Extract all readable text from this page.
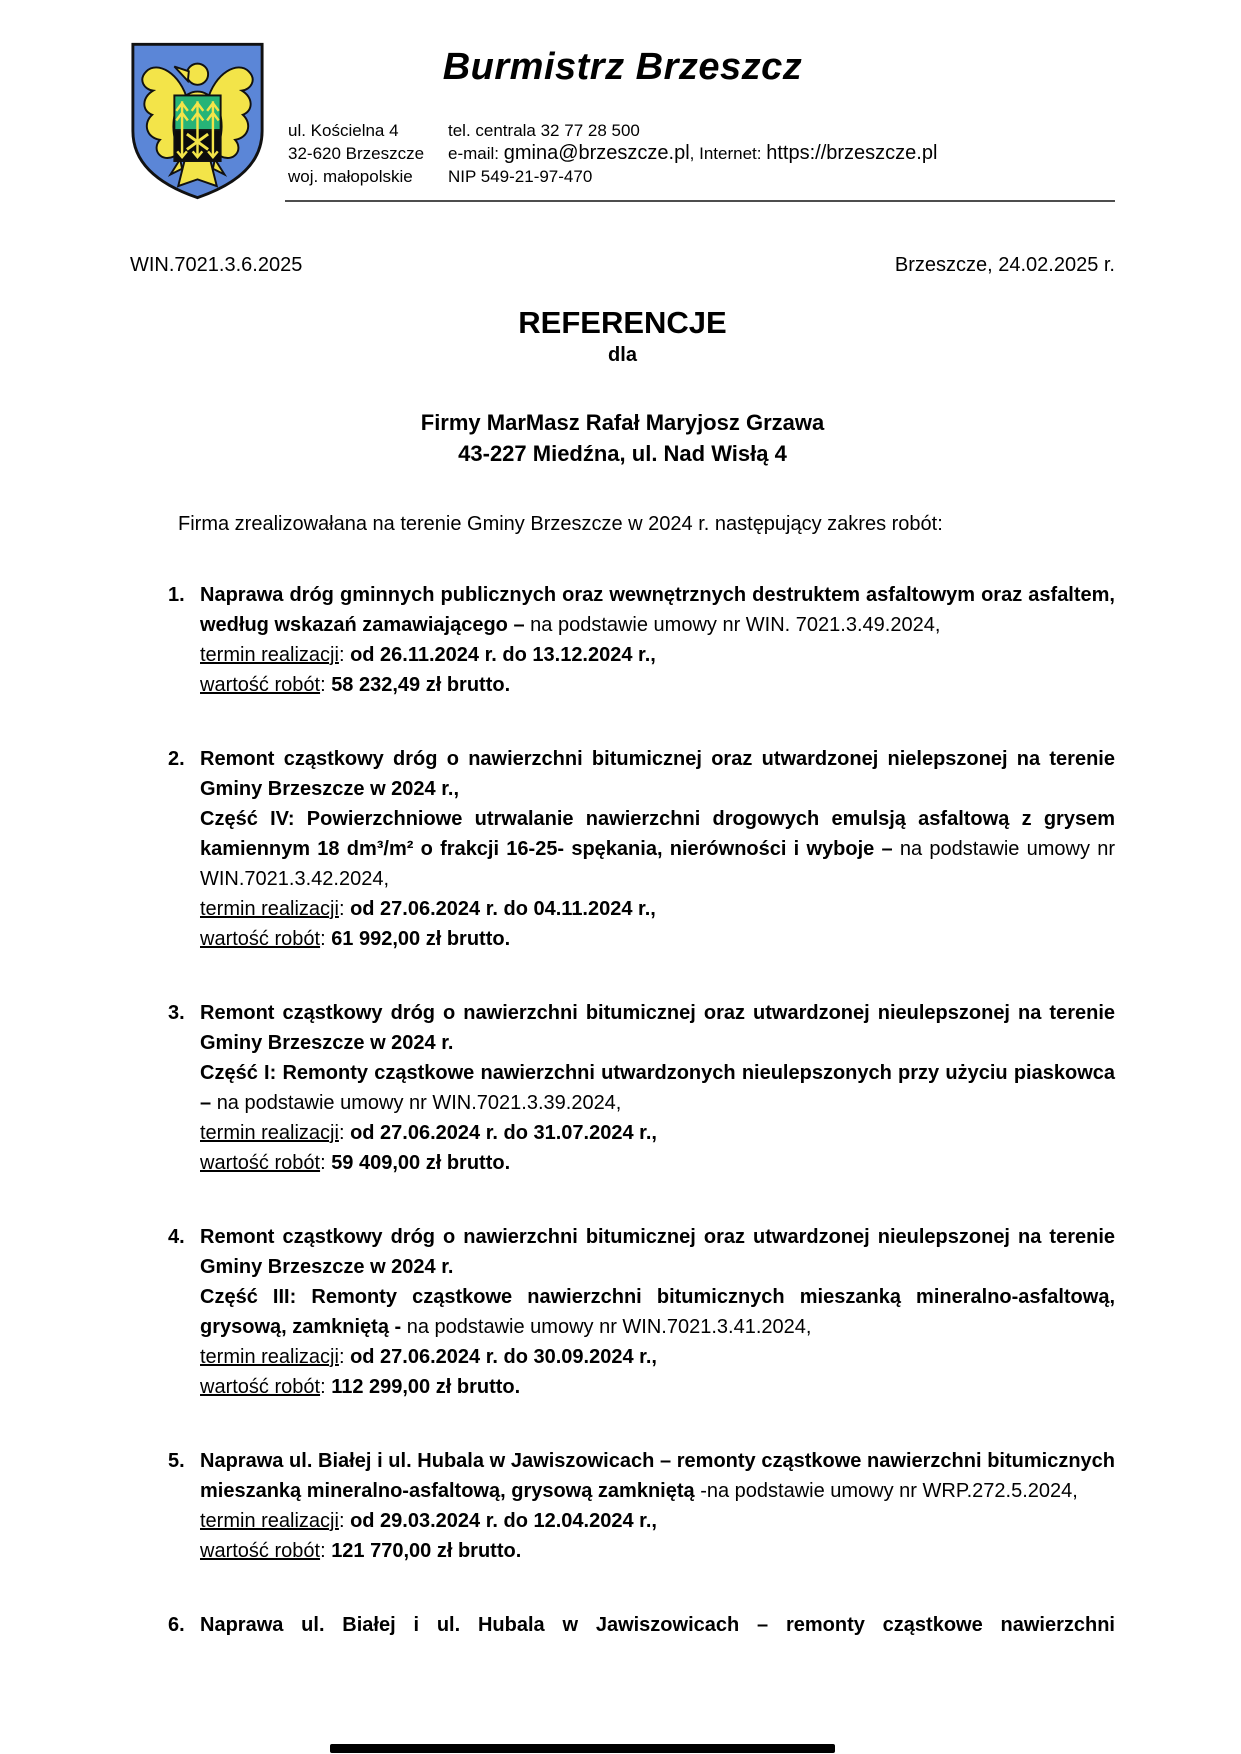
Burmistrz Brzeszcz
ul. Kościelna 4	tel. centrala 32 77 28 500
32-620 Brzeszcze	e-mail: gmina@brzeszcze.pl, Internet: https://brzeszcze.pl
woj. małopolskie	NIP 549-21-97-470
WIN.7021.3.6.2025	Brzeszcze, 24.02.2025 r.
REFERENCJE
dla
Firmy MarMasz Rafał Maryjosz Grzawa
43-227 Miedźna, ul. Nad Wisłą 4
Firma zrealizowałana na terenie Gminy Brzeszcze w 2024 r. następujący zakres robót:
1. Naprawa dróg gminnych publicznych oraz wewnętrznych destruktem asfaltowym oraz asfaltem, według wskazań zamawiającego – na podstawie umowy nr WIN. 7021.3.49.2024,
termin realizacji: od 26.11.2024 r. do 13.12.2024 r.,
wartość robót: 58 232,49 zł brutto.
2. Remont cząstkowy dróg o nawierzchni bitumicznej oraz utwardzonej nielepszonej na terenie Gminy Brzeszcze w 2024 r.,
Część IV: Powierzchniowe utrwalanie nawierzchni drogowych emulsją asfaltową z grysem kamiennym 18 dm³/m² o frakcji 16-25- spękania, nierówności i wyboje – na podstawie umowy nr WIN.7021.3.42.2024,
termin realizacji: od 27.06.2024 r. do 04.11.2024 r.,
wartość robót: 61 992,00 zł brutto.
3. Remont cząstkowy dróg o nawierzchni bitumicznej oraz utwardzonej nieulepszonej na terenie Gminy Brzeszcze w 2024 r.
Część I: Remonty cząstkowe nawierzchni utwardzonych nieulepszonych przy użyciu piaskowca – na podstawie umowy nr WIN.7021.3.39.2024,
termin realizacji: od 27.06.2024 r. do 31.07.2024 r.,
wartość robót: 59 409,00 zł brutto.
4. Remont cząstkowy dróg o nawierzchni bitumicznej oraz utwardzonej nieulepszonej na terenie Gminy Brzeszcze w 2024 r.
Część III: Remonty cząstkowe nawierzchni bitumicznych mieszanką mineralno-asfaltową, grysową, zamkniętą - na podstawie umowy nr WIN.7021.3.41.2024,
termin realizacji: od 27.06.2024 r. do 30.09.2024 r.,
wartość robót: 112 299,00 zł brutto.
5. Naprawa ul. Białej i ul. Hubala w Jawiszowicach – remonty cząstkowe nawierzchni bitumicznych mieszanką mineralno-asfaltową, grysową zamkniętą -na podstawie umowy nr WRP.272.5.2024,
termin realizacji: od 29.03.2024 r. do 12.04.2024 r.,
wartość robót: 121 770,00 zł brutto.
6. Naprawa ul. Białej i ul. Hubala w Jawiszowicach – remonty cząstkowe nawierzchni
